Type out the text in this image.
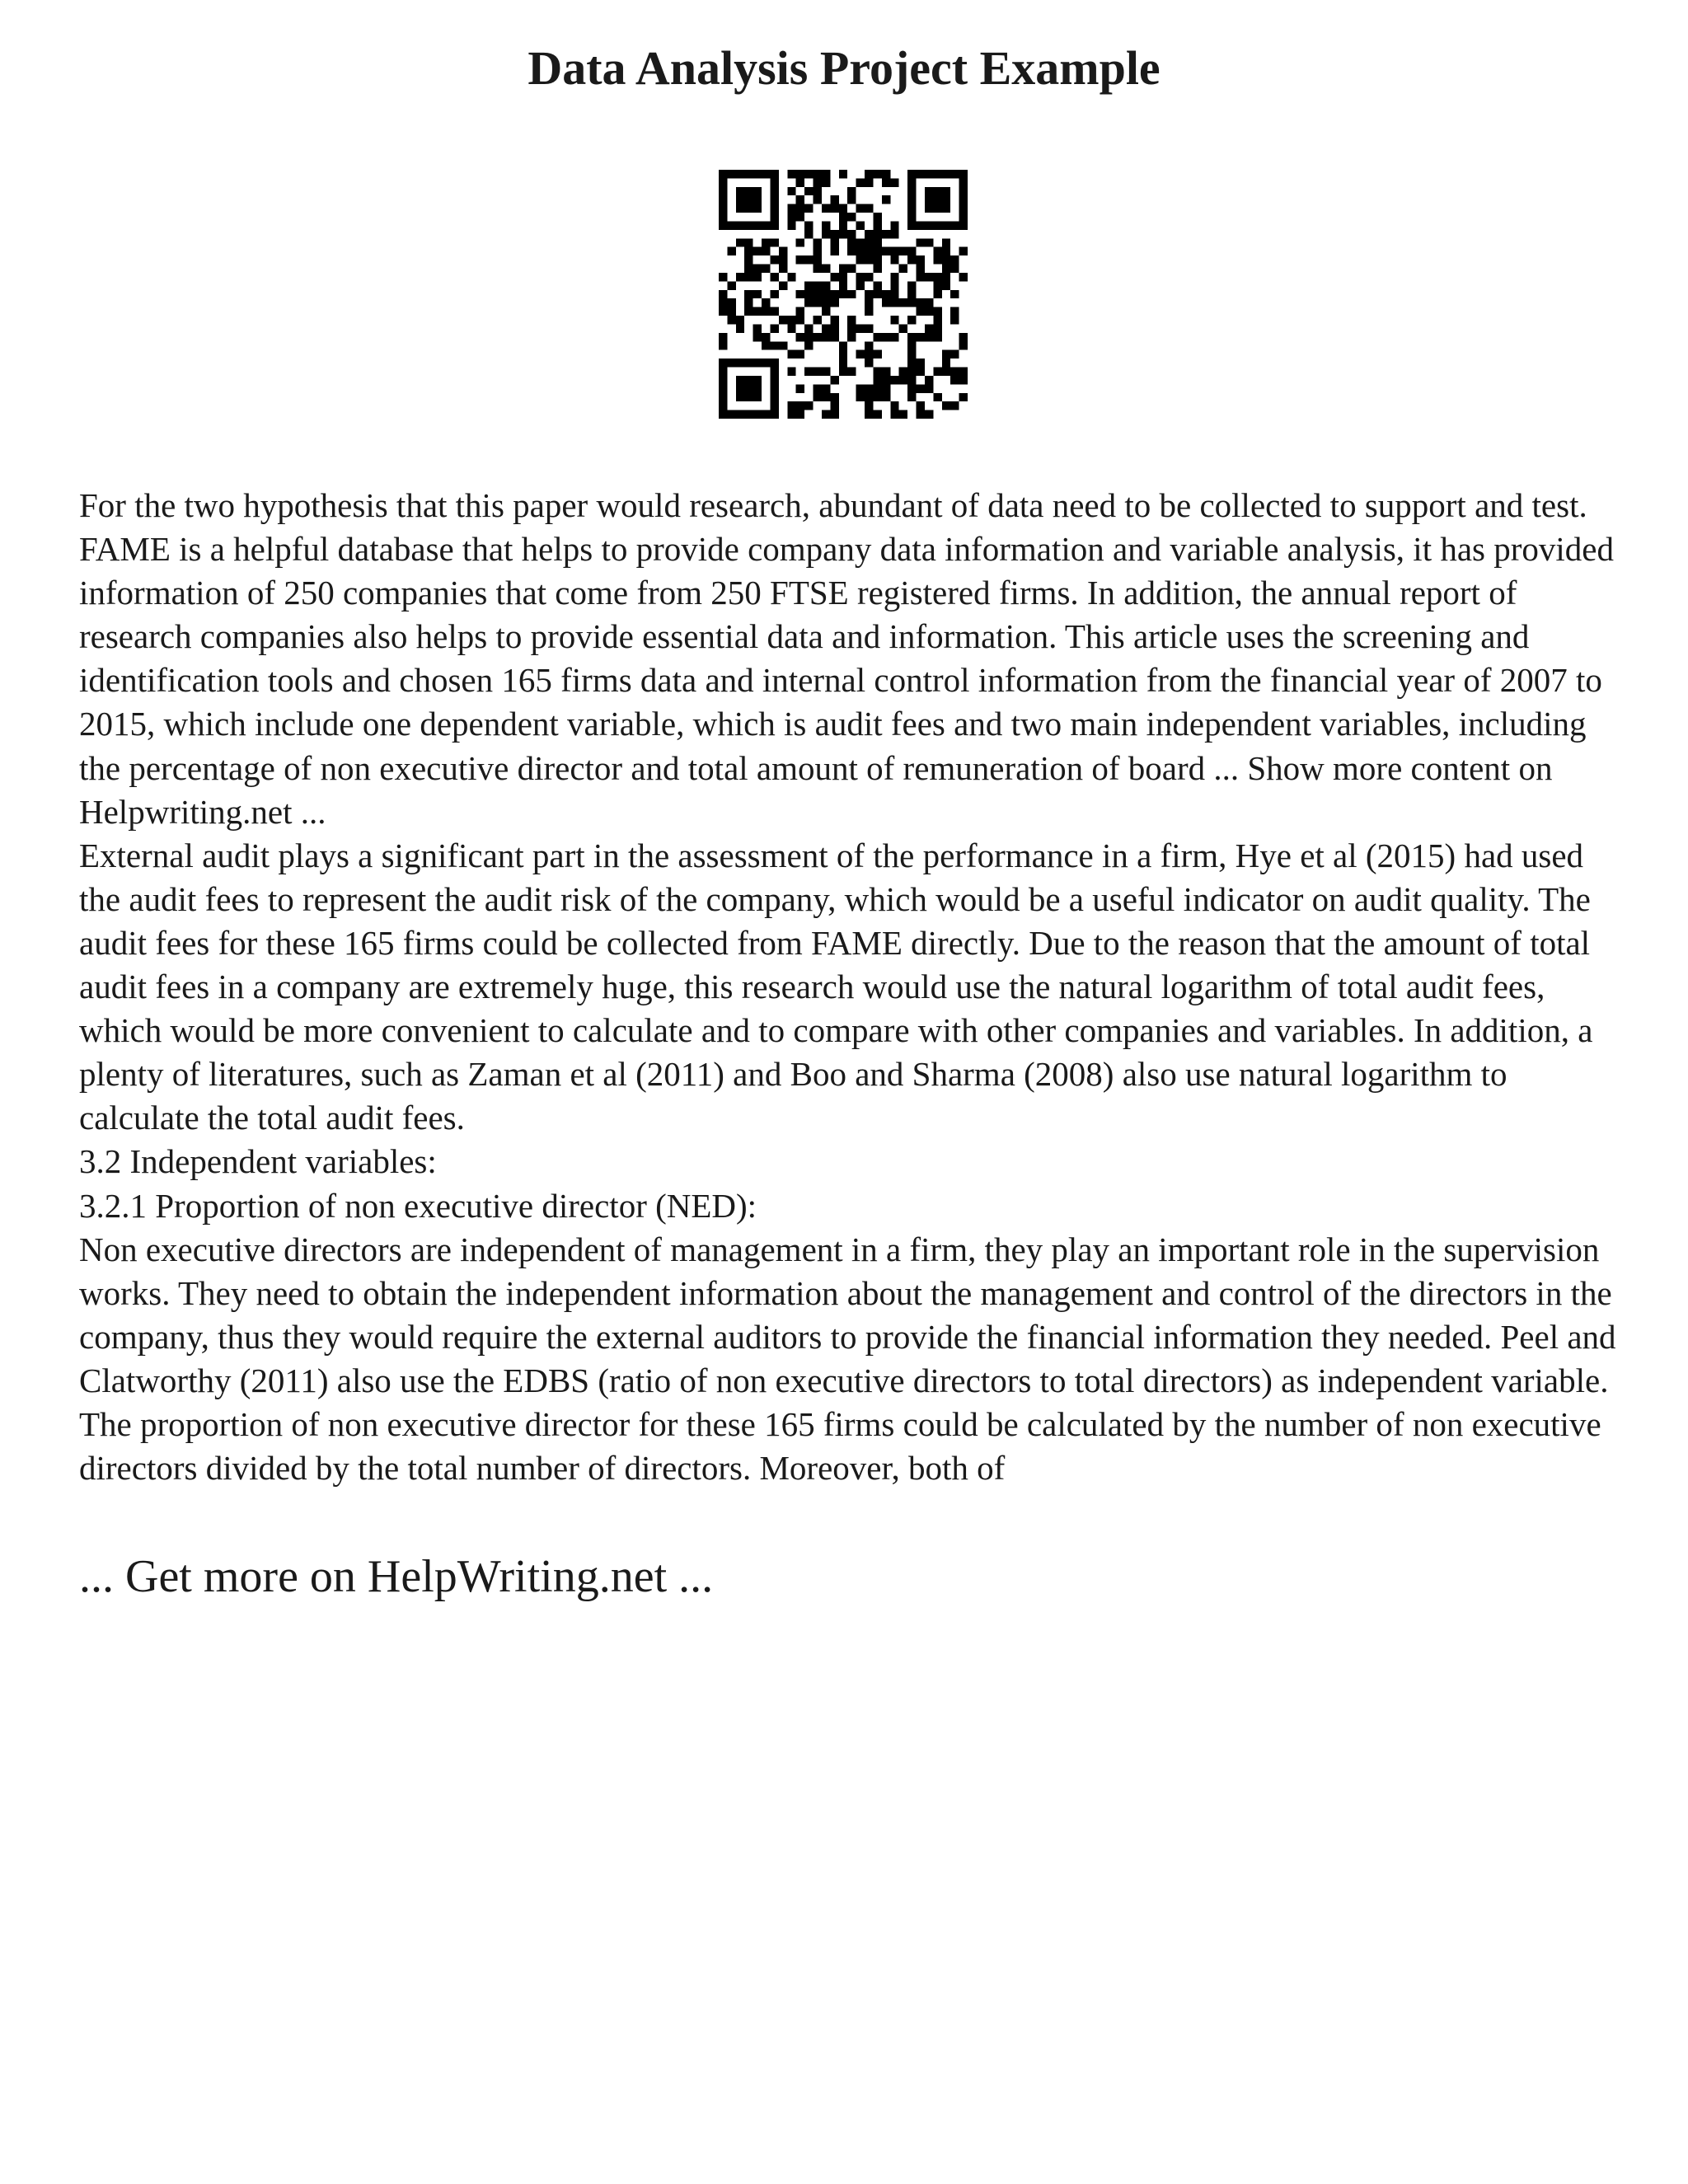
Data Analysis Project Example

For the two hypothesis that this paper would research, abundant of data need to be collected to support and test. FAME is a helpful database that helps to provide company data information and variable analysis, it has provided information of 250 companies that come from 250 FTSE registered firms. In addition, the annual report of research companies also helps to provide essential data and information. This article uses the screening and identification tools and chosen 165 firms data and internal control information from the financial year of 2007 to 2015, which include one dependent variable, which is audit fees and two main independent variables, including the percentage of non executive director and total amount of remuneration of board ... Show more content on Helpwriting.net ...

External audit plays a significant part in the assessment of the performance in a firm, Hye et al (2015) had used the audit fees to represent the audit risk of the company, which would be a useful indicator on audit quality. The audit fees for these 165 firms could be collected from FAME directly. Due to the reason that the amount of total audit fees in a company are extremely huge, this research would use the natural logarithm of total audit fees, which would be more convenient to calculate and to compare with other companies and variables. In addition, a plenty of literatures, such as Zaman et al (2011) and Boo and Sharma (2008) also use natural logarithm to calculate the total audit fees.

3.2 Independent variables:

3.2.1 Proportion of non executive director (NED):

Non executive directors are independent of management in a firm, they play an important role in the supervision works. They need to obtain the independent information about the management and control of the directors in the company, thus they would require the external auditors to provide the financial information they needed. Peel and Clatworthy (2011) also use the EDBS (ratio of non executive directors to total directors) as independent variable. The proportion of non executive director for these 165 firms could be calculated by the number of non executive directors divided by the total number of directors. Moreover, both of

... Get more on HelpWriting.net ...
